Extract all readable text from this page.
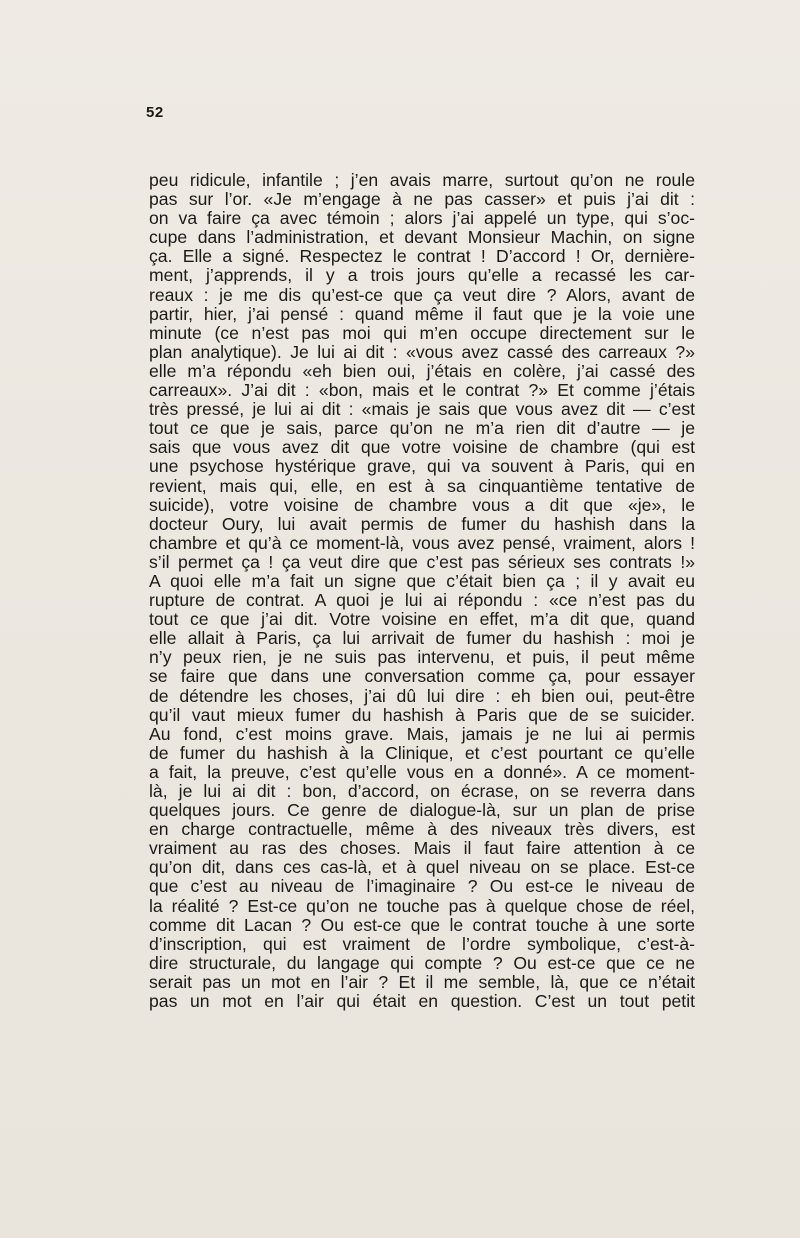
52
peu ridicule, infantile ; j’en avais marre, surtout qu’on ne roule
pas sur l’or. «Je m’engage à ne pas casser» et puis j’ai dit :
on va faire ça avec témoin ; alors j’ai appelé un type, qui s’oc-
cupe dans l’administration, et devant Monsieur Machin, on signe
ça. Elle a signé. Respectez le contrat ! D’accord ! Or, dernière-
ment, j’apprends, il y a trois jours qu’elle a recassé les car-
reaux : je me dis qu’est-ce que ça veut dire ? Alors, avant de
partir, hier, j’ai pensé : quand même il faut que je la voie une
minute (ce n’est pas moi qui m’en occupe directement sur le
plan analytique). Je lui ai dit : «vous avez cassé des carreaux ?»
elle m’a répondu «eh bien oui, j’étais en colère, j’ai cassé des
carreaux». J’ai dit : «bon, mais et le contrat ?» Et comme j’étais
très pressé, je lui ai dit : «mais je sais que vous avez dit — c’est
tout ce que je sais, parce qu’on ne m’a rien dit d’autre — je
sais que vous avez dit que votre voisine de chambre (qui est
une psychose hystérique grave, qui va souvent à Paris, qui en
revient, mais qui, elle, en est à sa cinquantième tentative de
suicide), votre voisine de chambre vous a dit que «je», le
docteur Oury, lui avait permis de fumer du hashish dans la
chambre et qu’à ce moment-là, vous avez pensé, vraiment, alors !
s’il permet ça ! ça veut dire que c’est pas sérieux ses contrats !»
A quoi elle m’a fait un signe que c’était bien ça ; il y avait eu
rupture de contrat. A quoi je lui ai répondu : «ce n’est pas du
tout ce que j’ai dit. Votre voisine en effet, m’a dit que, quand
elle allait à Paris, ça lui arrivait de fumer du hashish : moi je
n’y peux rien, je ne suis pas intervenu, et puis, il peut même
se faire que dans une conversation comme ça, pour essayer
de détendre les choses, j’ai dû lui dire : eh bien oui, peut-être
qu’il vaut mieux fumer du hashish à Paris que de se suicider.
Au fond, c’est moins grave. Mais, jamais je ne lui ai permis
de fumer du hashish à la Clinique, et c’est pourtant ce qu’elle
a fait, la preuve, c’est qu’elle vous en a donné». A ce moment-
là, je lui ai dit : bon, d’accord, on écrase, on se reverra dans
quelques jours. Ce genre de dialogue-là, sur un plan de prise
en charge contractuelle, même à des niveaux très divers, est
vraiment au ras des choses. Mais il faut faire attention à ce
qu’on dit, dans ces cas-là, et à quel niveau on se place. Est-ce
que c’est au niveau de l’imaginaire ? Ou est-ce le niveau de
la réalité ? Est-ce qu’on ne touche pas à quelque chose de réel,
comme dit Lacan ? Ou est-ce que le contrat touche à une sorte
d’inscription, qui est vraiment de l’ordre symbolique, c’est-à-
dire structurale, du langage qui compte ? Ou est-ce que ce ne
serait pas un mot en l’air ? Et il me semble, là, que ce n’était
pas un mot en l’air qui était en question. C’est un tout petit
